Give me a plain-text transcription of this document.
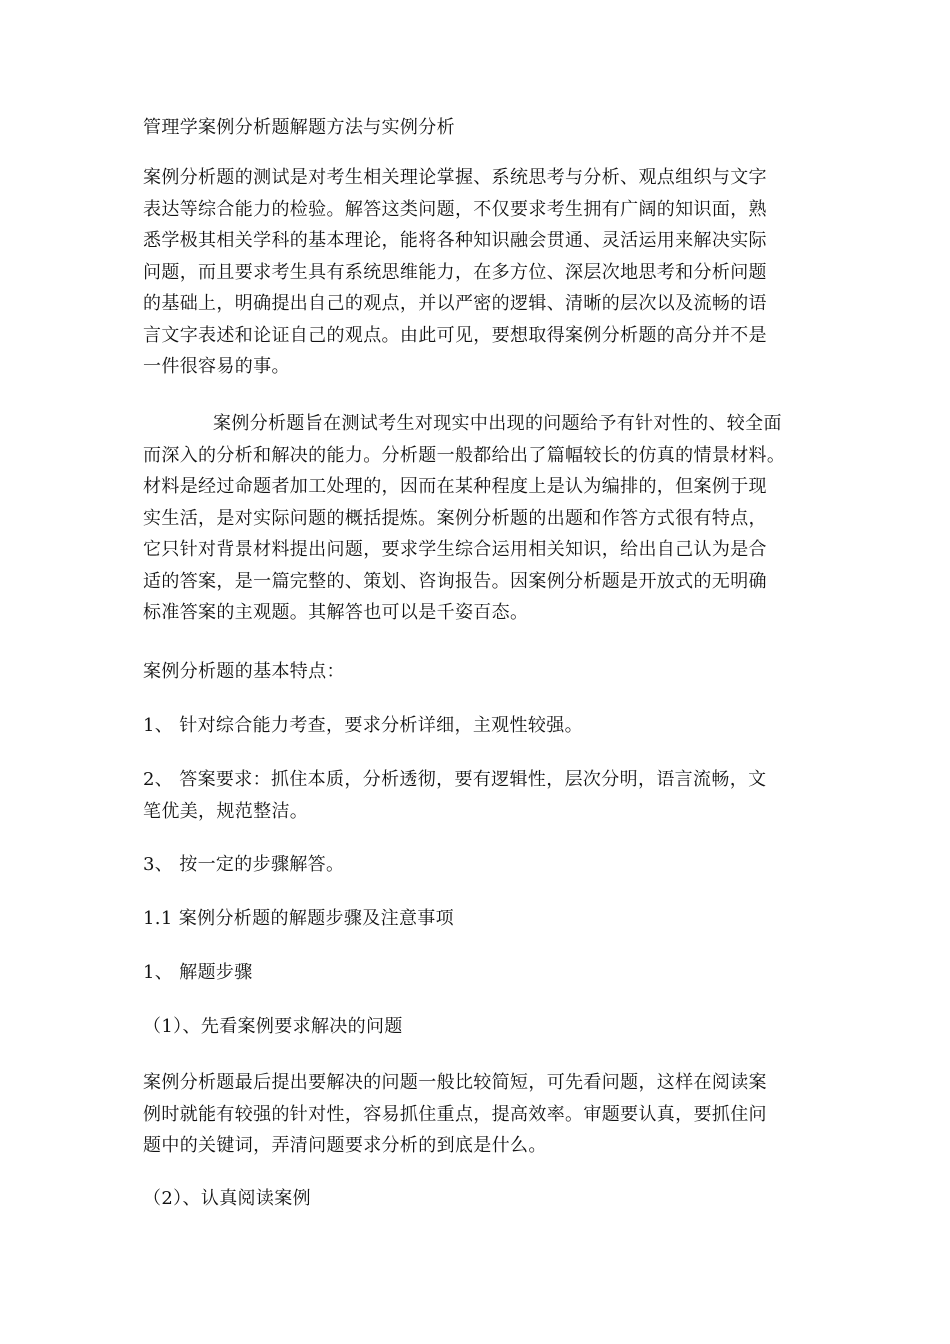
管理学案例分析题解题方法与实例分析
案例分析题的测试是对考生相关理论掌握、系统思考与分析、观点组织与文字
表达等综合能力的检验。解答这类问题，不仅要求考生拥有广阔的知识面，熟
悉学极其相关学科的基本理论，能将各种知识融会贯通、灵活运用来解决实际
问题，而且要求考生具有系统思维能力，在多方位、深层次地思考和分析问题
的基础上，明确提出自己的观点，并以严密的逻辑、清晰的层次以及流畅的语
言文字表述和论证自己的观点。由此可见，要想取得案例分析题的高分并不是
一件很容易的事。
案例分析题旨在测试考生对现实中出现的问题给予有针对性的、较全面
而深入的分析和解决的能力。分析题一般都给出了篇幅较长的仿真的情景材料。
材料是经过命题者加工处理的，因而在某种程度上是认为编排的，但案例于现
实生活，是对实际问题的概括提炼。案例分析题的出题和作答方式很有特点，
它只针对背景材料提出问题，要求学生综合运用相关知识，给出自己认为是合
适的答案，是一篇完整的、策划、咨询报告。因案例分析题是开放式的无明确
标准答案的主观题。其解答也可以是千姿百态。
案例分析题的基本特点：
1、 针对综合能力考查，要求分析详细，主观性较强。
2、 答案要求：抓住本质，分析透彻，要有逻辑性，层次分明，语言流畅，文
笔优美，规范整洁。
3、 按一定的步骤解答。
1.1 案例分析题的解题步骤及注意事项
1、 解题步骤
（1）、先看案例要求解决的问题
案例分析题最后提出要解决的问题一般比较简短，可先看问题，这样在阅读案
例时就能有较强的针对性，容易抓住重点，提高效率。审题要认真，要抓住问
题中的关键词，弄清问题要求分析的到底是什么。
（2）、认真阅读案例
